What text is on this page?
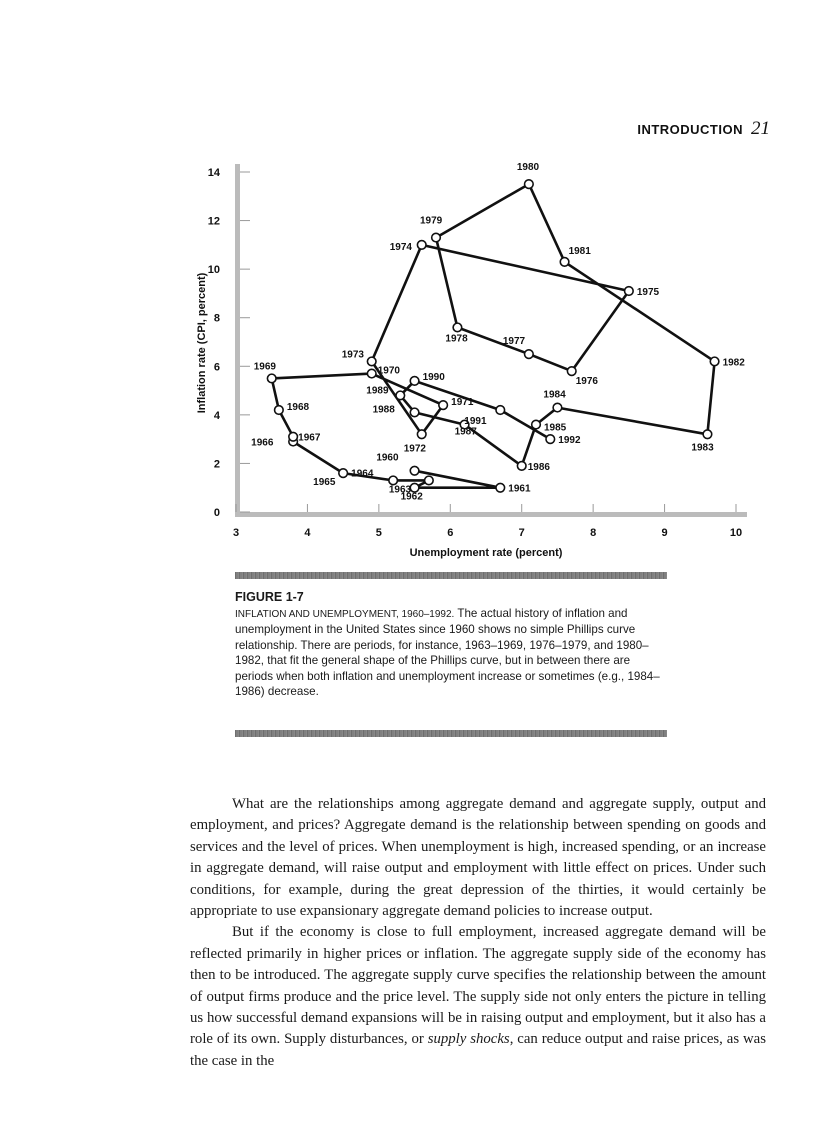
INTRODUCTION 21
0
2
4
6
8
10
12
14
3	4	5	6	7	8	9	10
1960
1961
1962
1963
1964
1965
1966 1967
1968
1969	1970
1971
1972
1973
1974
1975
1976
1977
1978
1979
1980
1981
1982
1983
1984
1985
1986
1987
1988
1989
1990
1991
1992
Unemployment rate (percent)
Inflation rate (CPI, percent)
FIGURE 1-7
INFLATION AND UNEMPLOYMENT, 1960–1992. The actual history of inflation and unemployment in the United States since 1960 shows no simple Phillips curve relationship. There are periods, for instance, 1963–1969, 1976–1979, and 1980–1982, that fit the general shape of the Phillips curve, but in between there are periods when both inflation and unemployment increase or sometimes (e.g., 1984–1986) decrease.

What are the relationships among aggregate demand and aggregate supply, output and employment, and prices? Aggregate demand is the relationship between spending on goods and services and the level of prices. When unemployment is high, increased spending, or an increase in aggregate demand, will raise output and employment with little effect on prices. Under such conditions, for example, during the great depression of the thirties, it would certainly be appropriate to use expansionary aggregate demand policies to increase output.

But if the economy is close to full employment, increased aggregate demand will be reflected primarily in higher prices or inflation. The aggregate supply side of the economy has then to be introduced. The aggregate supply curve specifies the relationship between the amount of output firms produce and the price level. The supply side not only enters the picture in telling us how successful demand expansions will be in raising output and employment, but it also has a role of its own. Supply disturbances, or supply shocks, can reduce output and raise prices, as was the case in the
